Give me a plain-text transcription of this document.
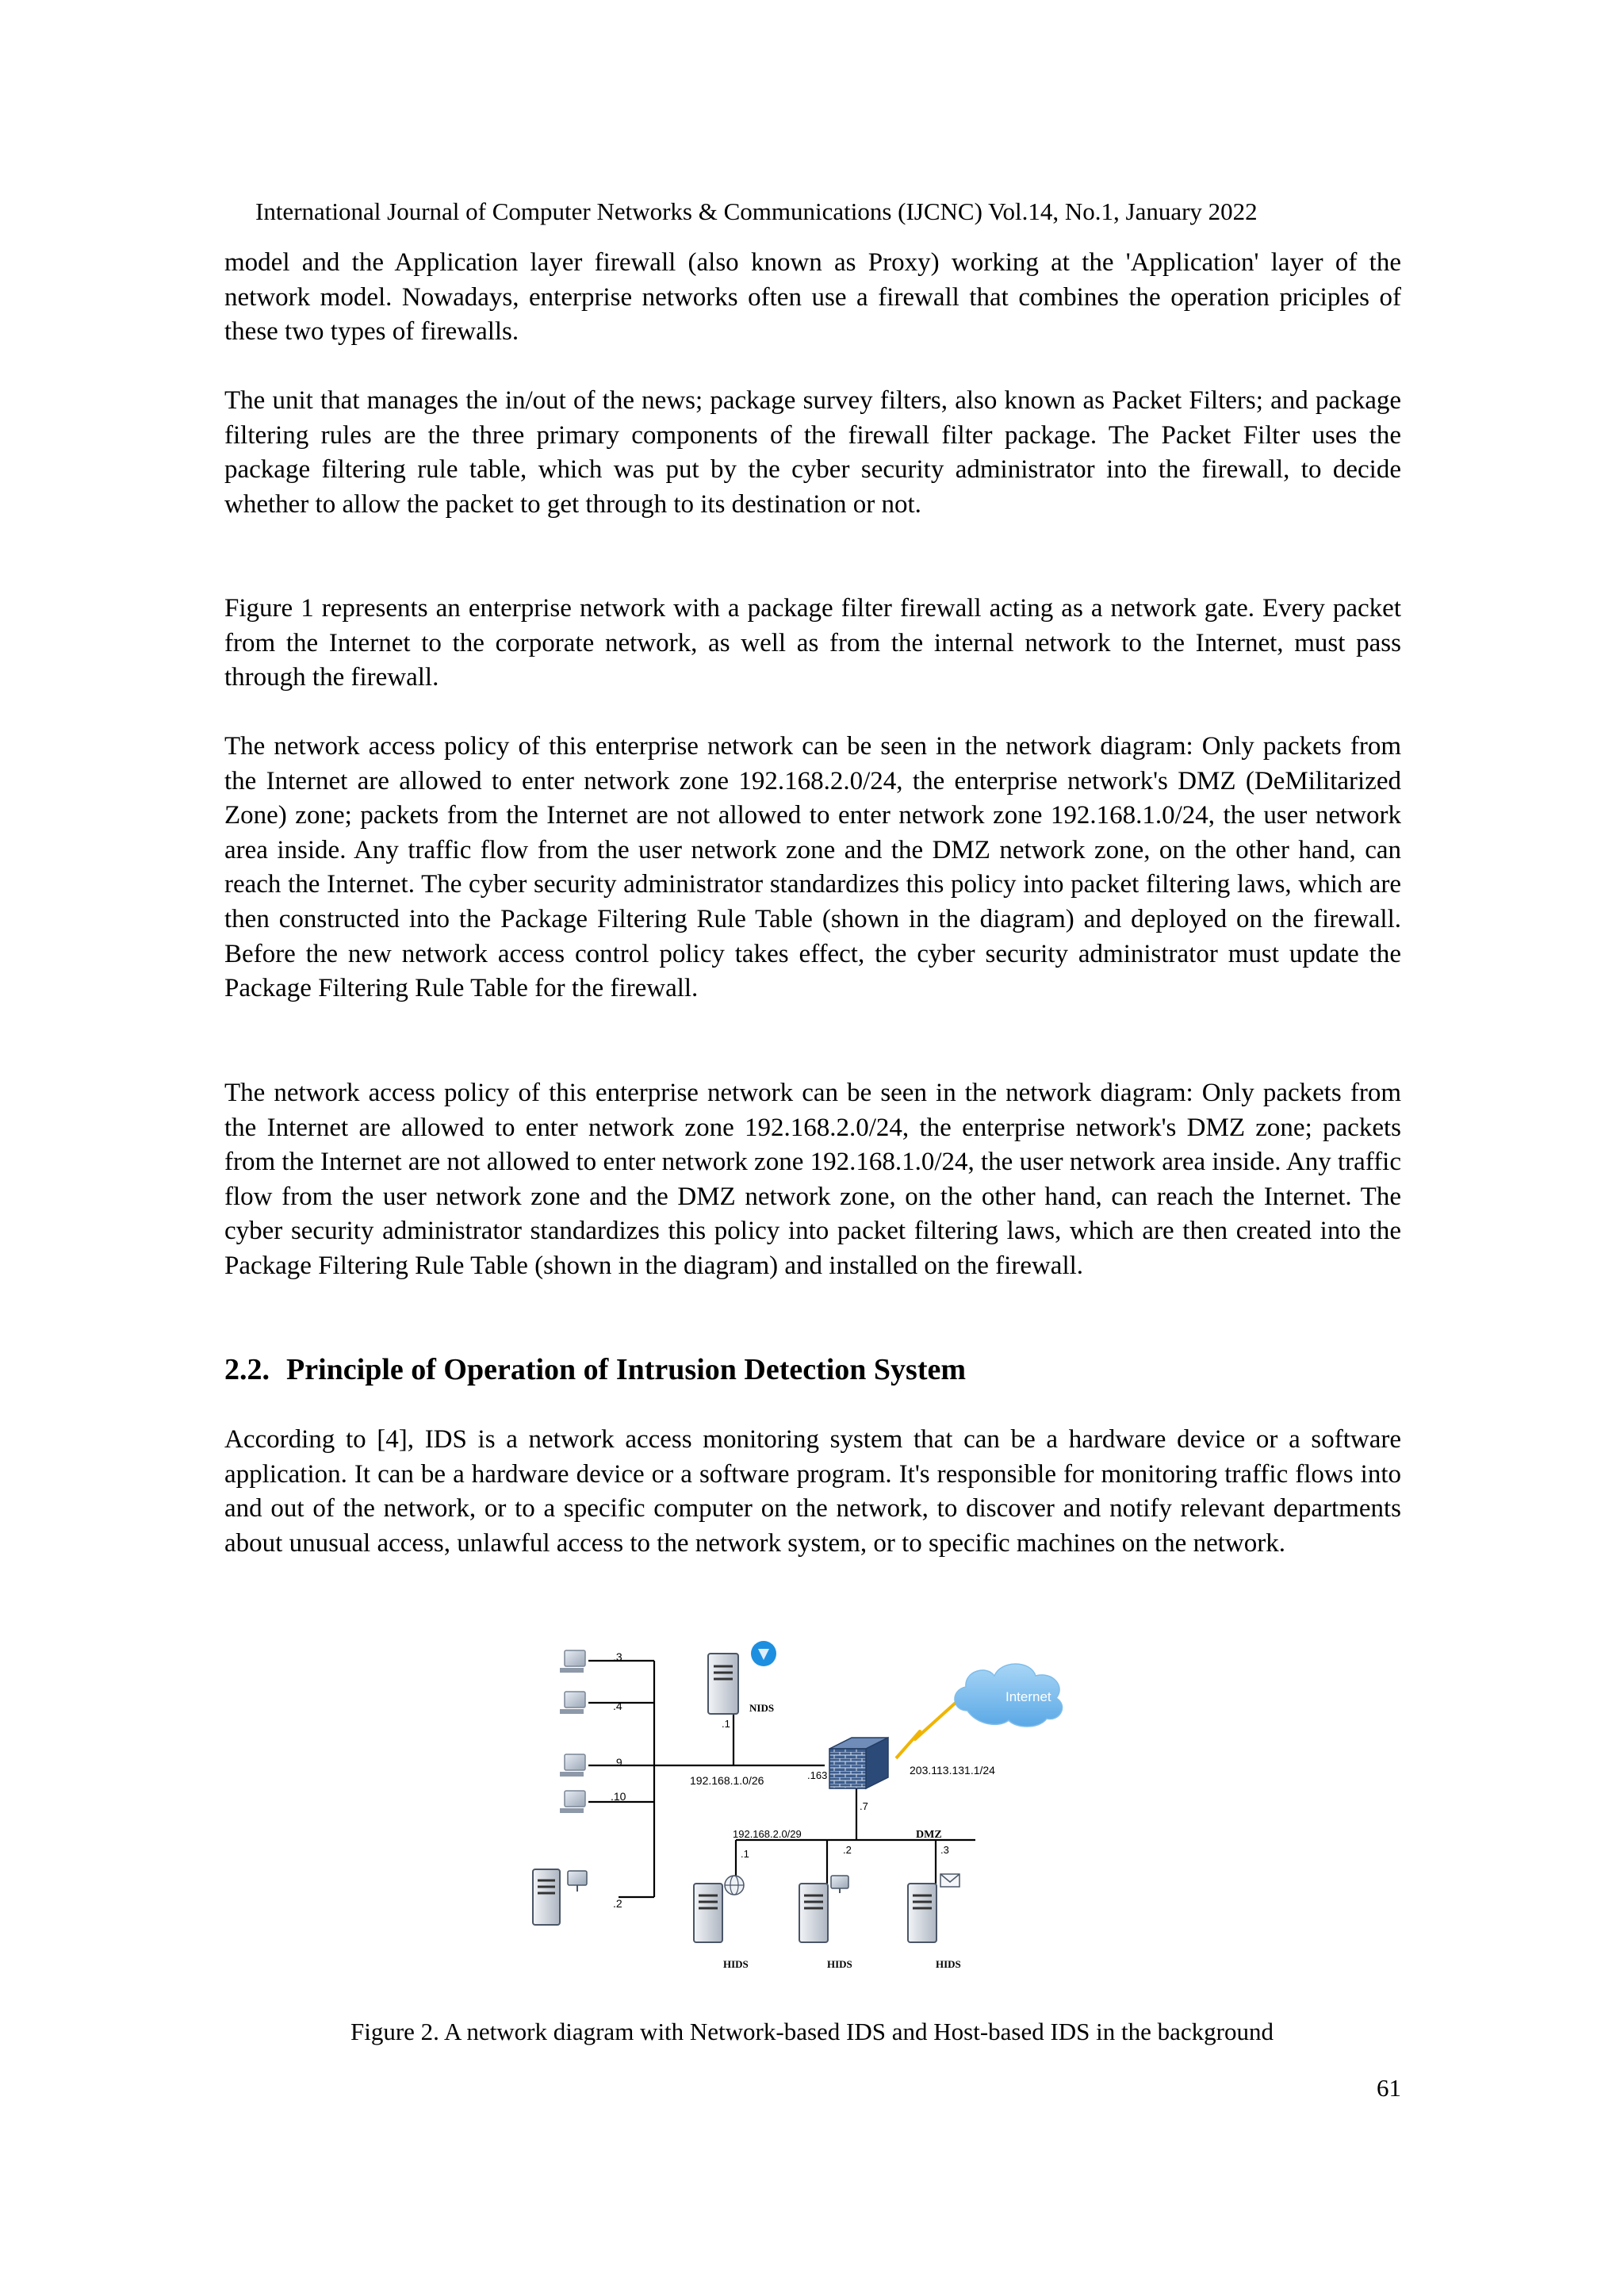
International Journal of Computer Networks & Communications (IJCNC) Vol.14, No.1, January 2022

model and the Application layer firewall (also known as Proxy) working at the 'Application' layer of the network model. Nowadays, enterprise networks often use a firewall that combines the operation priciples of these two types of firewalls.

The unit that manages the in/out of the news; package survey filters, also known as Packet Filters; and package filtering rules are the three primary components of the firewall filter package. The Packet Filter uses the package filtering rule table, which was put by the cyber security administrator into the firewall, to decide whether to allow the packet to get through to its destination or not.

Figure 1 represents an enterprise network with a package filter firewall acting as a network gate. Every packet from the Internet to the corporate network, as well as from the internal network to the Internet, must pass through the firewall.

The network access policy of this enterprise network can be seen in the network diagram: Only packets from the Internet are allowed to enter network zone 192.168.2.0/24, the enterprise network's DMZ (DeMilitarized Zone) zone; packets from the Internet are not allowed to enter network zone 192.168.1.0/24, the user network area inside. Any traffic flow from the user network zone and the DMZ network zone, on the other hand, can reach the Internet. The cyber security administrator standardizes this policy into packet filtering laws, which are then constructed into the Package Filtering Rule Table (shown in the diagram) and deployed on the firewall. Before the new network access control policy takes effect, the cyber security administrator must update the Package Filtering Rule Table for the firewall.

The network access policy of this enterprise network can be seen in the network diagram: Only packets from the Internet are allowed to enter network zone 192.168.2.0/24, the enterprise network's DMZ zone; packets from the Internet are not allowed to enter network zone 192.168.1.0/24, the user network area inside. Any traffic flow from the user network zone and the DMZ network zone, on the other hand, can reach the Internet. The cyber security administrator standardizes this policy into packet filtering laws, which are then created into the Package Filtering Rule Table (shown in the diagram) and installed on the firewall.

2.2. Principle of Operation of Intrusion Detection System

According to [4], IDS is a network access monitoring system that can be a hardware device or a software application. It can be a hardware device or a software program. It's responsible for monitoring traffic flows into and out of the network, or to a specific computer on the network, to discover and notify relevant departments about unusual access, unlawful access to the network system, or to specific machines on the network.

.3
.4
.9
.10
.2
NIDS
.1
192.168.1.0/26	.163
.7
203.113.131.1/24
Internet
192.168.2.0/29	DMZ
.1	.2	.3
HIDS	HIDS	HIDS
Figure 2. A network diagram with Network-based IDS and Host-based IDS in the background
61
